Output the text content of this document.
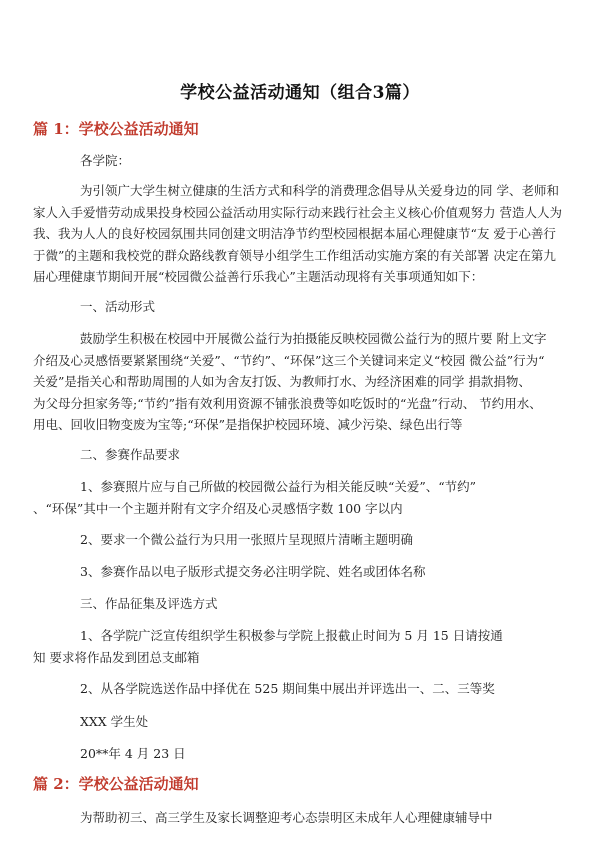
学校公益活动通知（组合3篇）
篇 1：学校公益活动通知
各学院：
为引领广大学生树立健康的生活方式和科学的消费理念倡导从关爱身边的同 学、老师和
家人入手爱惜劳动成果投身校园公益活动用实际行动来践行社会主义核心价值观努力 营造人人为
我、我为人人的良好校园氛围共同创建文明洁净节约型校园根据本届心理健康节“友 爱于心善行
于微”的主题和我校党的群众路线教育领导小组学生工作组活动实施方案的有关部署 决定在第九
届心理健康节期间开展“校园微公益善行乐我心”主题活动现将有关事项通知如下：
一、活动形式
鼓励学生积极在校园中开展微公益行为拍摄能反映校园微公益行为的照片要 附上文字
介绍及心灵感悟要紧紧围绕“关爱”、“节约”、“环保”这三个关键词来定义“校园 微公益”行为“
关爱”是指关心和帮助周围的人如为舍友打饭、为教师打水、为经济困难的同学 捐款捐物、
为父母分担家务等;“节约”指有效利用资源不铺张浪费等如吃饭时的“光盘”行动、 节约用水、
用电、回收旧物变废为宝等;“环保”是指保护校园环境、减少污染、绿色出行等
二、参赛作品要求
1、参赛照片应与自己所做的校园微公益行为相关能反映“关爱”、“节约”
、“环保”其中一个主题并附有文字介绍及心灵感悟字数 100 字以内
2、要求一个微公益行为只用一张照片呈现照片清晰主题明确
3、参赛作品以电子版形式提交务必注明学院、姓名或团体名称
三、作品征集及评选方式
1、各学院广泛宣传组织学生积极参与学院上报截止时间为 5 月 15 日请按通
知 要求将作品发到团总支邮箱
2、从各学院选送作品中择优在 525 期间集中展出并评选出一、二、三等奖
XXX 学生处
20**年 4 月 23 日
篇 2：学校公益活动通知
为帮助初三、高三学生及家长调整迎考心态崇明区未成年人心理健康辅导中
